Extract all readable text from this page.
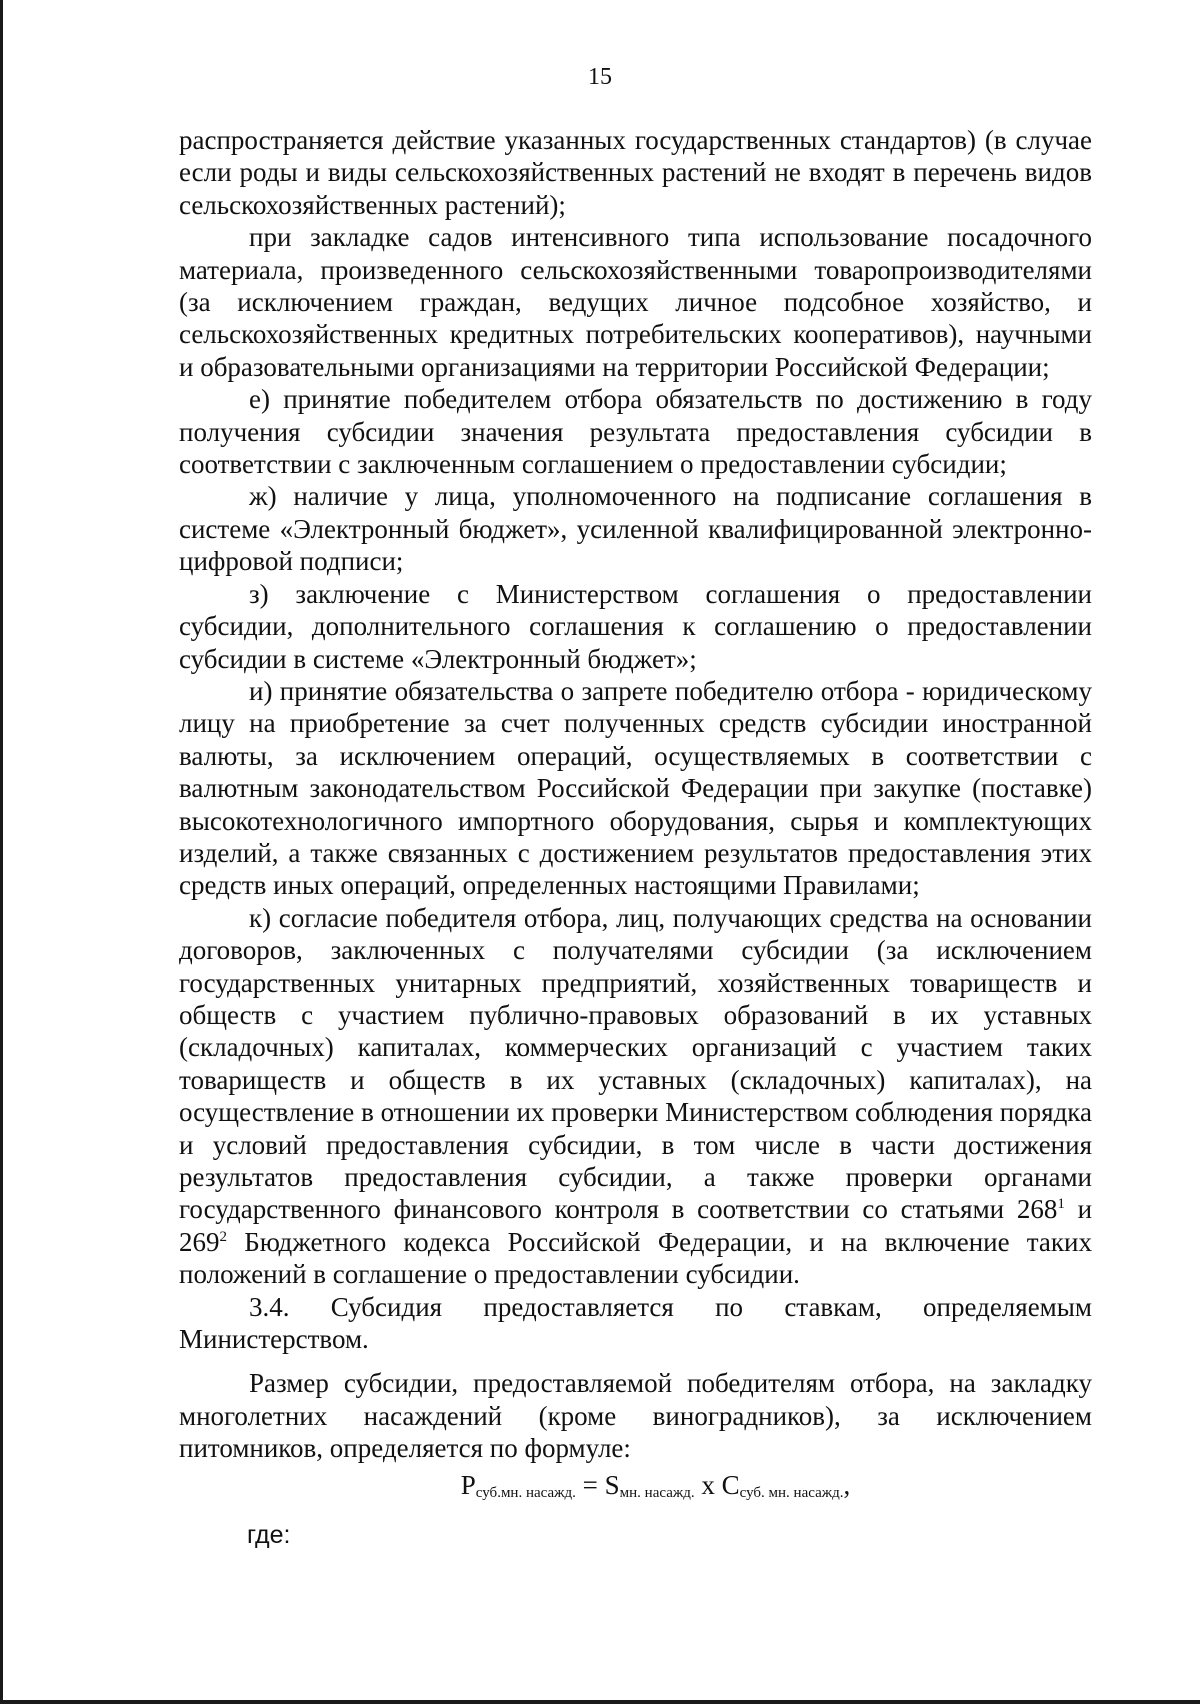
15

распространяется действие указанных государственных стандартов) (в случае если роды и виды сельскохозяйственных растений не входят в перечень видов сельскохозяйственных растений);

при закладке садов интенсивного типа использование посадочного материала, произведенного сельскохозяйственными товаропроизводителями (за исключением граждан, ведущих личное подсобное хозяйство, и сельскохозяйственных кредитных потребительских кооперативов), научными и образовательными организациями на территории Российской Федерации;

е) принятие победителем отбора обязательств по достижению в году получения субсидии значения результата предоставления субсидии в соответствии с заключенным соглашением о предоставлении субсидии;

ж) наличие у лица, уполномоченного на подписание соглашения в системе «Электронный бюджет», усиленной квалифицированной электронно-цифровой подписи;

з) заключение с Министерством соглашения о предоставлении субсидии, дополнительного соглашения к соглашению о предоставлении субсидии в системе «Электронный бюджет»;

и) принятие обязательства о запрете победителю отбора - юридическому лицу на приобретение за счет полученных средств субсидии иностранной валюты, за исключением операций, осуществляемых в соответствии с валютным законодательством Российской Федерации при закупке (поставке) высокотехнологичного импортного оборудования, сырья и комплектующих изделий, а также связанных с достижением результатов предоставления этих средств иных операций, определенных настоящими Правилами;

к) согласие победителя отбора, лиц, получающих средства на основании договоров, заключенных с получателями субсидии (за исключением государственных унитарных предприятий, хозяйственных товариществ и обществ с участием публично-правовых образований в их уставных (складочных) капиталах, коммерческих организаций с участием таких товариществ и обществ в их уставных (складочных) капиталах), на осуществление в отношении их проверки Министерством соблюдения порядка и условий предоставления субсидии, в том числе в части достижения результатов предоставления субсидии, а также проверки органами государственного финансового контроля в соответствии со статьями $268^1$ и $269^2$ Бюджетного кодекса Российской Федерации, и на включение таких положений в соглашение о предоставлении субсидии.

3.4. Субсидия предоставляется по ставкам, определяемым Министерством.

Размер субсидии, предоставляемой победителям отбора, на закладку многолетних насаждений (кроме виноградников), за исключением питомников, определяется по формуле:

$P_{суб.мн. насажд.} = S_{мн. насажд.}$ x $C_{суб. мн. насажд.}$,

где:
